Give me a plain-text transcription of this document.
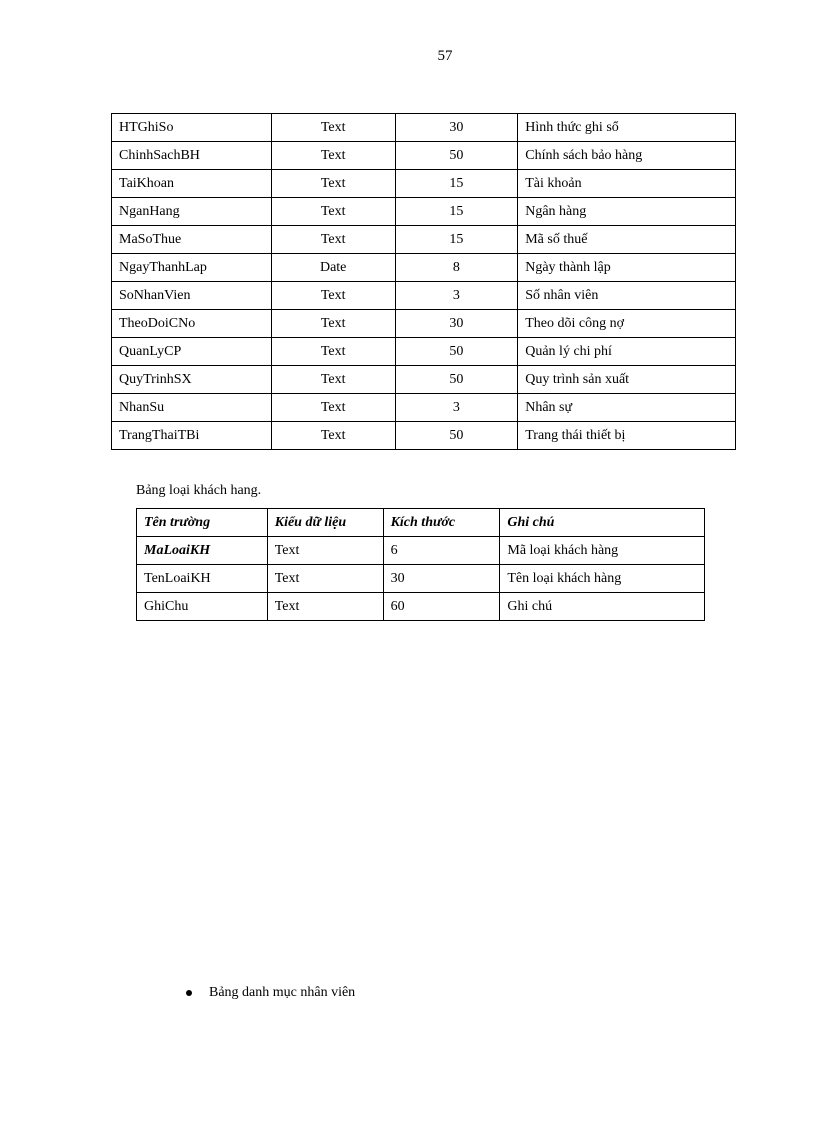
57
HTGhiSo	Text	30	Hình thức ghi sổ
ChinhSachBH	Text	50	Chính sách bảo hàng
TaiKhoan	Text	15	Tài khoản
NganHang	Text	15	Ngân hàng
MaSoThue	Text	15	Mã số thuế
NgayThanhLap	Date	8	Ngày thành lập
SoNhanVien	Text	3	Số nhân viên
TheoDoiCNo	Text	30	Theo dõi công nợ
QuanLyCP	Text	50	Quản lý chi phí
QuyTrinhSX	Text	50	Quy trình sản xuất
NhanSu	Text	3	Nhân sự
TrangThaiTBi	Text	50	Trang thái thiết bị
Bảng loại khách hang.
Tên trường	Kiểu dữ liệu	Kích thước	Ghi chú
MaLoaiKH	Text	6	Mã loại khách hàng
TenLoaiKH	Text	30	Tên loại khách hàng
GhiChu	Text	60	Ghi chú
Bảng danh mục nhân viên
